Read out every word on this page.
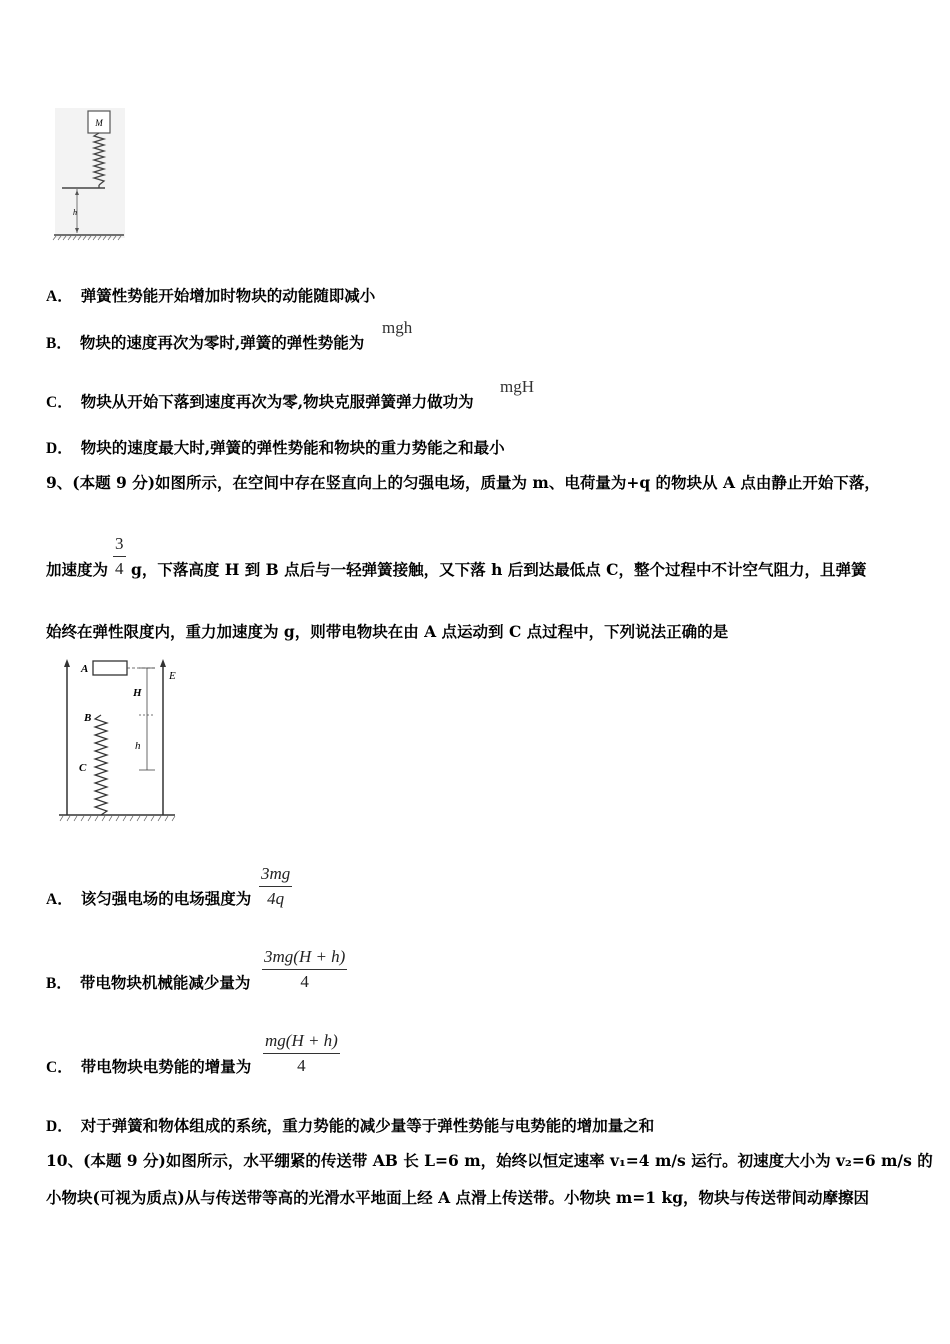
M
h
A． 弹簧性势能开始增加时物块的动能随即减小
B． 物块的速度再次为零时,弹簧的弹性势能为
mgh
C． 物块从开始下落到速度再次为零,物块克服弹簧弹力做功为
mgH
D． 物块的速度最大时,弹簧的弹性势能和物块的重力势能之和最小
9、(本题 9 分)如图所示，在空间中存在竖直向上的匀强电场，质量为 m、电荷量为+q 的物块从 A 点由静止开始下落，
加速度为 $\frac{3}{4}$ g，下落高度 H 到 B 点后与一轻弹簧接触，又下落 h 后到达最低点 C，整个过程中不计空气阻力，且弹簧
始终在弹性限度内，重力加速度为 g，则带电物块在由 A 点运动到 C 点过程中，下列说法正确的是
A
E
H
h
B
C
A． 该匀强电场的电场强度为 $\frac{3mg}{4q}$
B． 带电物块机械能减少量为 $\frac{3mg(H + h)}{4}$
C． 带电物块电势能的增量为 $\frac{mg(H + h)}{4}$
D． 对于弹簧和物体组成的系统，重力势能的减少量等于弹性势能与电势能的增加量之和
10、(本题 9 分)如图所示，水平绷紧的传送带 AB 长 L=6 m，始终以恒定速率 v₁=4 m/s 运行。初速度大小为 v₂=6 m/s 的
小物块(可视为质点)从与传送带等高的光滑水平地面上经 A 点滑上传送带。小物块 m=1 kg，物块与传送带间动摩擦因
